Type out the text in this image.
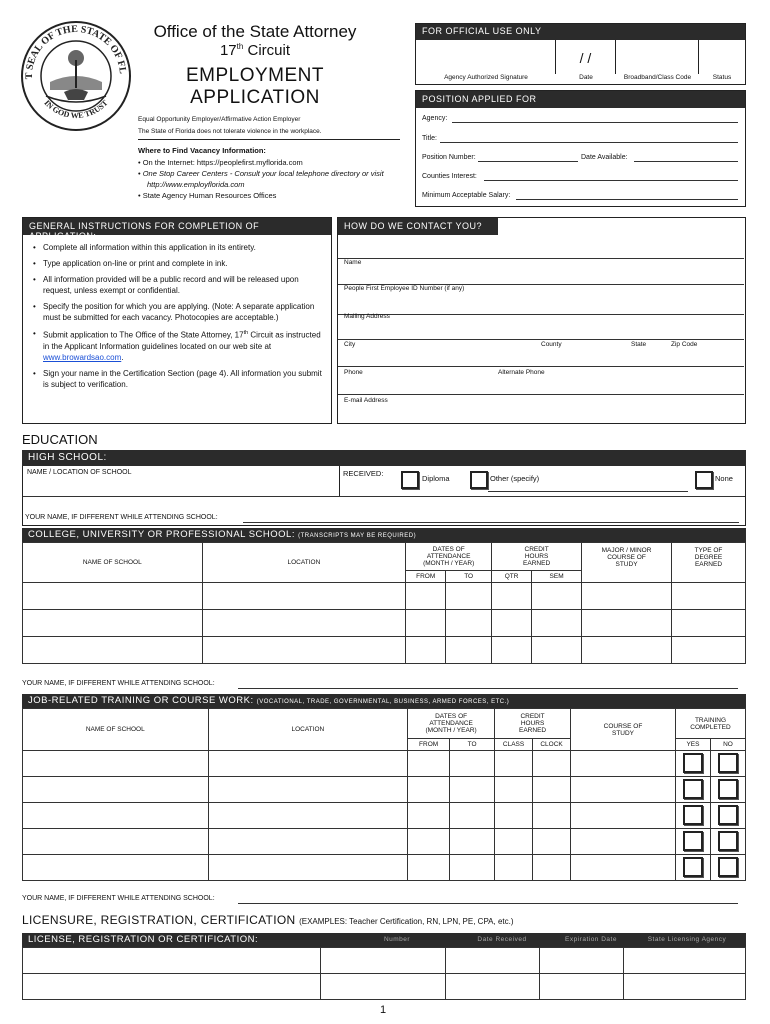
T SEAL OF THE STATE OF FL
IN GOD WE TRUST
Office of the State Attorney
17th Circuit
EMPLOYMENT
APPLICATION
Equal Opportunity Employer/Affirmative Action Employer
The State of Florida does not tolerate violence in the workplace.
Where to Find Vacancy Information:
• On the Internet: https://peoplefirst.myflorida.com
• One Stop Career Centers - Consult your local telephone directory or visit
http://www.employflorida.com
• State Agency Human Resources Offices
FOR OFFICIAL USE ONLY
/ /
Agency Authorized Signature	Date	Broadband/Class Code	Status
POSITION APPLIED FOR
Agency:
Title:
Position Number:	Date Available:
Counties Interest:
Minimum Acceptable Salary:
GENERAL INSTRUCTIONS FOR COMPLETION OF APPLICATION:
• Complete all information within this application in its entirety.
• Type application on-line or print and complete in ink.
• All information provided will be a public record and will be released upon request, unless exempt or confidential.
• Specify the position for which you are applying. (Note: A separate application must be submitted for each vacancy. Photocopies are acceptable.)
• Submit application to The Office of the State Attorney, 17th Circuit as instructed in the Applicant Information guidelines located on our web site at www.browardsao.com.
• Sign your name in the Certification Section (page 4). All information you submit is subject to verification.
HOW DO WE CONTACT YOU?
Name
People First Employee ID Number (if any)
Mailing Address
City	County	State	Zip Code
Phone	Alternate Phone
E-mail Address
EDUCATION
HIGH SCHOOL:
NAME / LOCATION OF SCHOOL	RECEIVED:
Diploma	Other (specify)	None
YOUR NAME, IF DIFFERENT WHILE ATTENDING SCHOOL:
COLLEGE, UNIVERSITY OR PROFESSIONAL SCHOOL: (TRANSCRIPTS MAY BE REQUIRED)
NAME OF SCHOOL	LOCATION	DATES OF ATTENDANCE (MONTH / YEAR)		CREDIT HOURS EARNED		MAJOR / MINOR COURSE OF STUDY	TYPE OF DEGREE EARNED
		FROM	TO	QTR	SEM		

YOUR NAME, IF DIFFERENT WHILE ATTENDING SCHOOL:
JOB-RELATED TRAINING OR COURSE WORK: (VOCATIONAL, TRADE, GOVERNMENTAL, BUSINESS, ARMED FORCES, ETC.)
NAME OF SCHOOL	LOCATION	DATES OF ATTENDANCE (MONTH / YEAR)		CREDIT HOURS EARNED		COURSE OF STUDY	TRAINING COMPLETED	
		FROM	TO	CLASS	CLOCK		YES	NO

YOUR NAME, IF DIFFERENT WHILE ATTENDING SCHOOL:
LICENSURE, REGISTRATION, CERTIFICATION (EXAMPLES: Teacher Certification, RN, LPN, PE, CPA, etc.)
LICENSE, REGISTRATION OR CERTIFICATION:	Number	Date Received	Expiration Date	State Licensing Agency

1
